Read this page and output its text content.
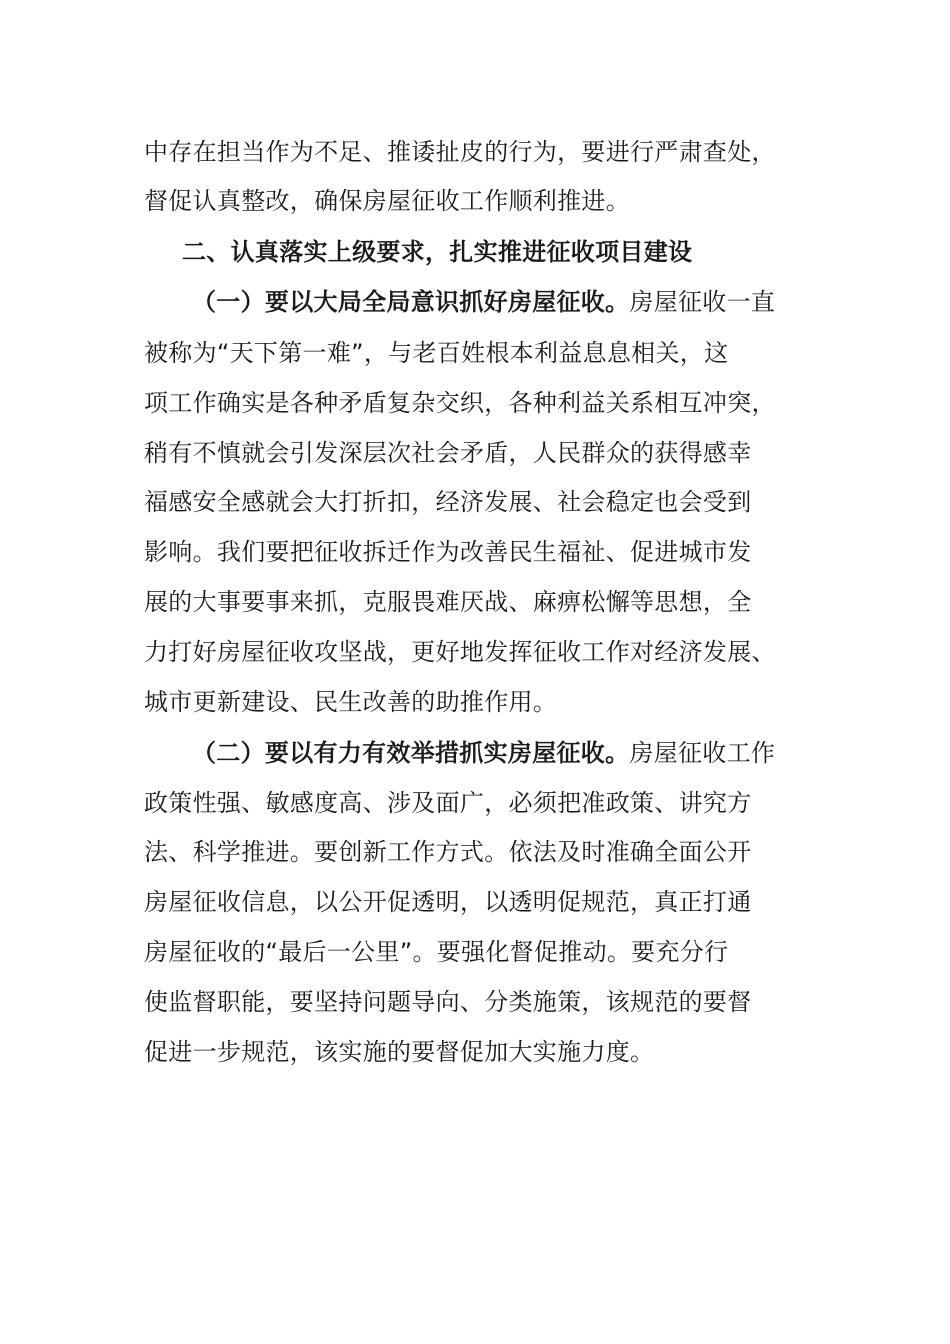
中存在担当作为不足、推诿扯皮的行为，要进行严肃查处，
督促认真整改，确保房屋征收工作顺利推进。
二、认真落实上级要求，扎实推进征收项目建设
（一）要以大局全局意识抓好房屋征收。房屋征收一直
被称为“天下第一难”，与老百姓根本利益息息相关，这
项工作确实是各种矛盾复杂交织，各种利益关系相互冲突，
稍有不慎就会引发深层次社会矛盾，人民群众的获得感幸
福感安全感就会大打折扣，经济发展、社会稳定也会受到
影响。我们要把征收拆迁作为改善民生福祉、促进城市发
展的大事要事来抓，克服畏难厌战、麻痹松懈等思想，全
力打好房屋征收攻坚战，更好地发挥征收工作对经济发展、
城市更新建设、民生改善的助推作用。
（二）要以有力有效举措抓实房屋征收。房屋征收工作
政策性强、敏感度高、涉及面广，必须把准政策、讲究方
法、科学推进。要创新工作方式。依法及时准确全面公开
房屋征收信息，以公开促透明，以透明促规范，真正打通
房屋征收的“最后一公里”。要强化督促推动。要充分行
使监督职能，要坚持问题导向、分类施策，该规范的要督
促进一步规范，该实施的要督促加大实施力度。
